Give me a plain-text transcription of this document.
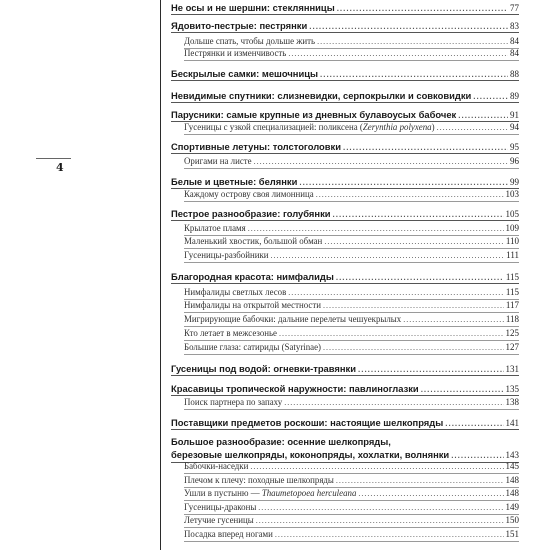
4
Не осы и не шершни: стеклянницы .....	77
Ядовито-пестрые: пестрянки .....	83
Дольше спать, чтобы дольше жить .....	84
Пестрянки и изменчивость .....	84
Бескрылые самки: мешочницы .....	88
Невидимые спутники: слизневидки, серпокрылки и совковидки .....	89
Парусники: самые крупные из дневных булавоусых бабочек .....	91
Гусеницы с узкой специализацией: поликсена (Zerynthia polyxena) .....	94
Спортивные летуны: толстоголовки .....	95
Оригами на листе .....	96
Белые и цветные: белянки .....	99
Каждому острову своя лимонница .....	103
Пестрое разнообразие: голубянки .....	105
Крылатое пламя .....	109
Маленький хвостик, большой обман .....	110
Гусеницы-разбойники .....	111
Благородная красота: нимфалиды .....	115
Нимфалиды светлых лесов .....	115
Нимфалиды на открытой местности .....	117
Мигрирующие бабочки: дальние перелеты чешуекрылых .....	118
Кто летает в межсезонье .....	125
Большие глаза: сатириды (Satyrinae) .....	127
Гусеницы под водой: огневки-травянки .....	131
Красавицы тропической наружности: павлиноглазки .....	135
Поиск партнера по запаху .....	138
Поставщики предметов роскоши: настоящие шелкопряды .....	141
Большое разнообразие: осенние шелкопряды,
березовые шелкопряды, коконопряды, хохлатки, волнянки .....	143
Бабочки-наседки .....	145
Плечом к плечу: походные шелкопряды .....	148
Ушли в пустыню — Thaumetopoea herculeana .....	148
Гусеницы-драконы .....	149
Летучие гусеницы .....	150
Посадка вперед ногами .....	151
